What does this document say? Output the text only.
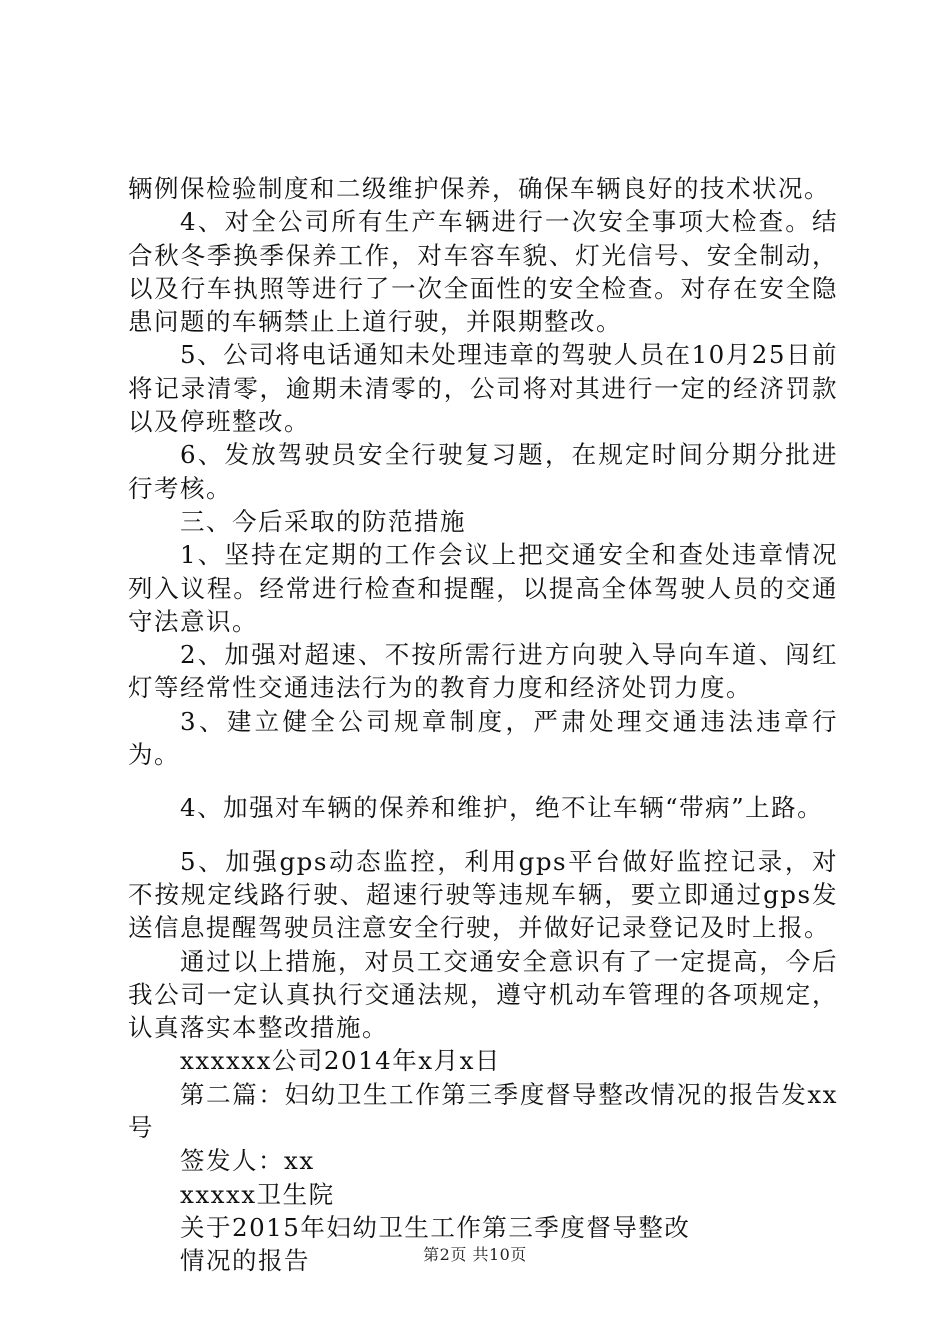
辆例保检验制度和二级维护保养，确保车辆良好的技术状况。

4、对全公司所有生产车辆进行一次安全事项大检查。结合秋冬季换季保养工作，对车容车貌、灯光信号、安全制动，以及行车执照等进行了一次全面性的安全检查。对存在安全隐患问题的车辆禁止上道行驶，并限期整改。

5、公司将电话通知未处理违章的驾驶人员在10月25日前将记录清零，逾期未清零的，公司将对其进行一定的经济罚款以及停班整改。

6、发放驾驶员安全行驶复习题，在规定时间分期分批进行考核。

三、今后采取的防范措施

1、坚持在定期的工作会议上把交通安全和查处违章情况列入议程。经常进行检查和提醒，以提高全体驾驶人员的交通守法意识。

2、加强对超速、不按所需行进方向驶入导向车道、闯红灯等经常性交通违法行为的教育力度和经济处罚力度。

3、建立健全公司规章制度，严肃处理交通违法违章行为。

4、加强对车辆的保养和维护，绝不让车辆“带病”上路。

5、加强gps动态监控，利用gps平台做好监控记录，对不按规定线路行驶、超速行驶等违规车辆，要立即通过gps发送信息提醒驾驶员注意安全行驶，并做好记录登记及时上报。

通过以上措施，对员工交通安全意识有了一定提高，今后我公司一定认真执行交通法规，遵守机动车管理的各项规定，认真落实本整改措施。

xxxxxx公司2014年x月x日

第二篇：妇幼卫生工作第三季度督导整改情况的报告发xx号

签发人：xx

xxxxx卫生院

关于2015年妇幼卫生工作第三季度督导整改

情况的报告	第2页 共10页
